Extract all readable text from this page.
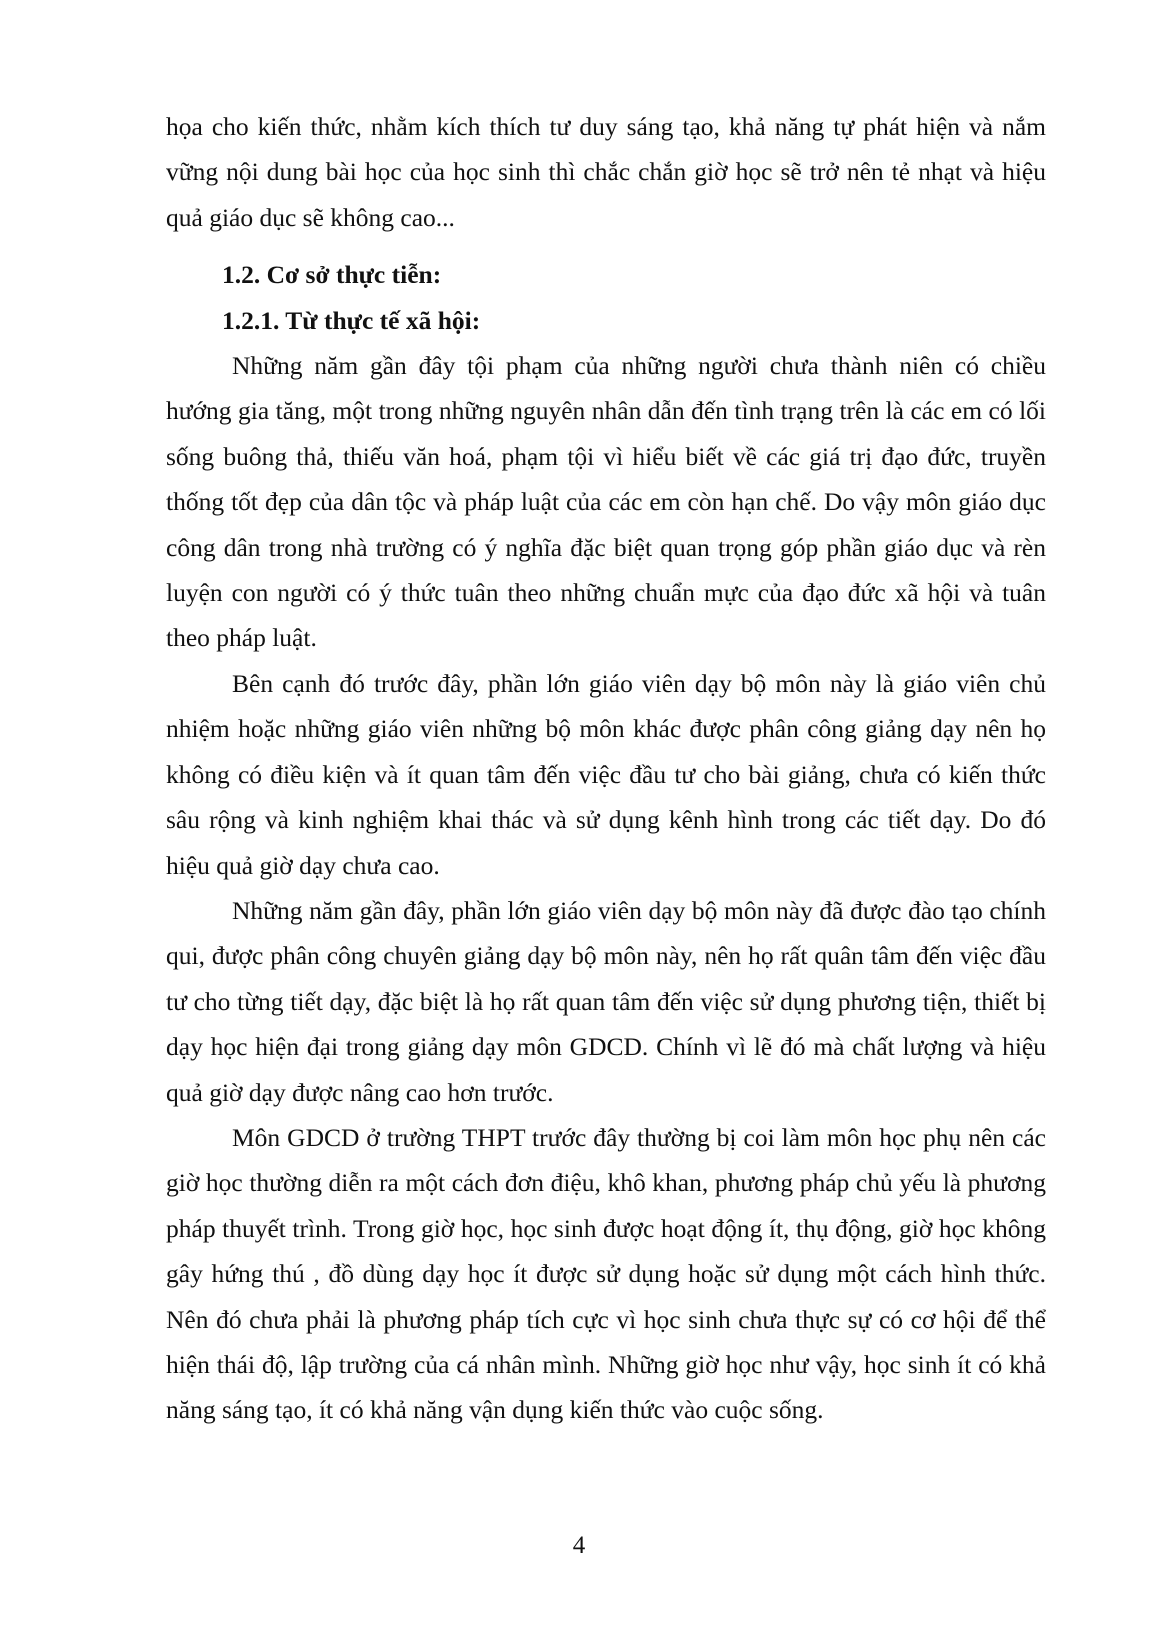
họa cho kiến thức, nhằm kích thích tư duy sáng tạo, khả năng tự phát hiện và nắm vững nội dung bài học của học sinh thì chắc chắn giờ học sẽ trở nên tẻ nhạt và hiệu quả giáo dục sẽ không cao...

1.2. Cơ sở thực tiễn:

1.2.1. Từ thực tế xã hội:

Những năm gần đây tội phạm của những người chưa thành niên có chiều hướng gia tăng, một trong những nguyên nhân dẫn đến tình trạng trên là các em có lối sống buông thả, thiếu văn hoá, phạm tội vì hiểu biết về các giá trị đạo đức, truyền thống tốt đẹp của dân tộc và pháp luật của các em còn hạn chế. Do vậy môn giáo dục công dân trong nhà trường có ý nghĩa đặc biệt quan trọng góp phần giáo dục và rèn luyện con người có ý thức tuân theo những chuẩn mực của đạo đức xã hội và tuân theo pháp luật.

Bên cạnh đó trước đây, phần lớn giáo viên dạy bộ môn này là giáo viên chủ nhiệm hoặc những giáo viên những bộ môn khác được phân công giảng dạy nên họ không có điều kiện và ít quan tâm đến việc đầu tư cho bài giảng, chưa có kiến thức sâu rộng và kinh nghiệm khai thác và sử dụng kênh hình trong các tiết dạy. Do đó hiệu quả giờ dạy chưa cao.

Những năm gần đây, phần lớn giáo viên dạy bộ môn này đã được đào tạo chính qui, được phân công chuyên giảng dạy bộ môn này, nên họ rất quân tâm đến việc đầu tư cho từng tiết dạy, đặc biệt là họ rất quan tâm đến việc sử dụng phương tiện, thiết bị dạy học hiện đại trong giảng dạy môn GDCD. Chính vì lẽ đó mà chất lượng và hiệu quả giờ dạy được nâng cao hơn trước.

Môn GDCD ở trường THPT trước đây thường bị coi làm môn học phụ nên các giờ học thường diễn ra một cách đơn điệu, khô khan, phương pháp chủ yếu là phương pháp thuyết trình. Trong giờ học, học sinh được hoạt động ít, thụ động, giờ học không gây hứng thú , đồ dùng dạy học ít được sử dụng hoặc sử dụng một cách hình thức. Nên đó chưa phải là phương pháp tích cực vì học sinh chưa thực sự có cơ hội để thể hiện thái độ, lập trường của cá nhân mình. Những giờ học như vậy, học sinh ít có khả năng sáng tạo, ít có khả năng vận dụng kiến thức vào cuộc sống.

4
